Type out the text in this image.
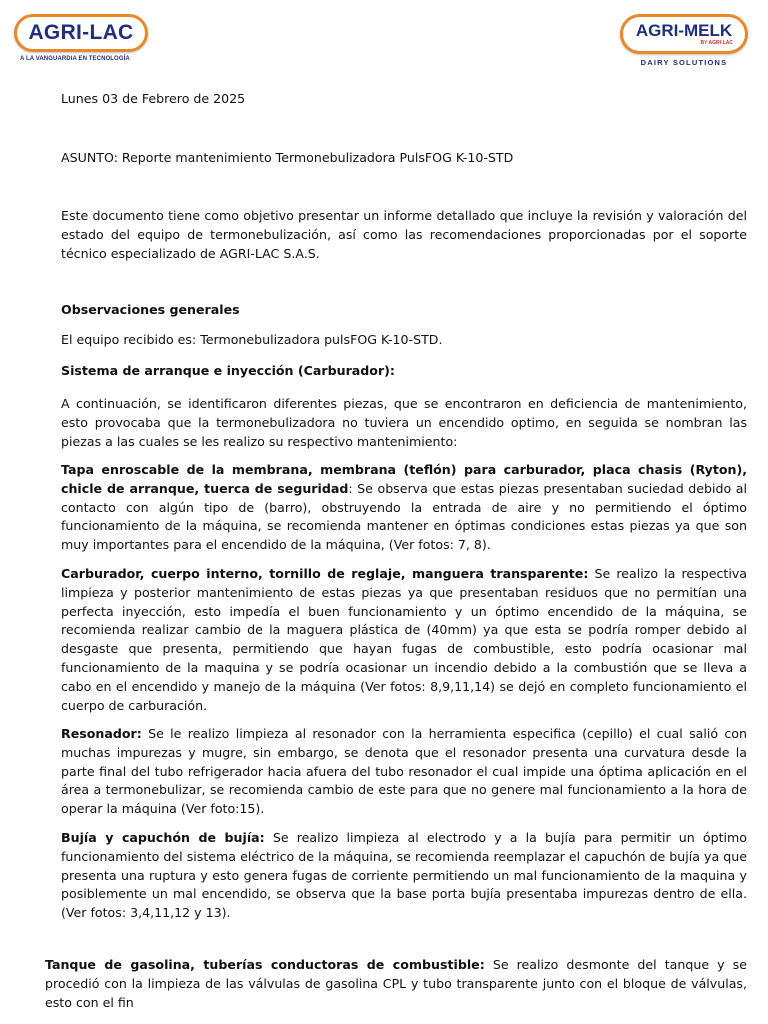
AGRI-LAC
A LA VANGUARDIA EN TECNOLOGÍA
AGRI-MELK
BY AGRI-LAC
DAIRY SOLUTIONS
Lunes 03 de Febrero de 2025
ASUNTO: Reporte mantenimiento Termonebulizadora PulsFOG K-10-STD
Este documento tiene como objetivo presentar un informe detallado que incluye la revisión y valoración del estado del equipo de termonebulización, así como las recomendaciones proporcionadas por el soporte técnico especializado de AGRI-LAC S.A.S.
Observaciones generales
El equipo recibido es: Termonebulizadora pulsFOG K-10-STD.
Sistema de arranque e inyección (Carburador):
A continuación, se identificaron diferentes piezas, que se encontraron en deficiencia de mantenimiento, esto provocaba que la termonebulizadora no tuviera un encendido optimo, en seguida se nombran las piezas a las cuales se les realizo su respectivo mantenimiento:
Tapa enroscable de la membrana, membrana (teflón) para carburador, placa chasis (Ryton), chicle de arranque, tuerca de seguridad: Se observa que estas piezas presentaban suciedad debido al contacto con algún tipo de (barro), obstruyendo la entrada de aire y no permitiendo el óptimo funcionamiento de la máquina, se recomienda mantener en óptimas condiciones estas piezas ya que son muy importantes para el encendido de la máquina, (Ver fotos: 7, 8).
Carburador, cuerpo interno, tornillo de reglaje, manguera transparente: Se realizo la respectiva limpieza y posterior mantenimiento de estas piezas ya que presentaban residuos que no permitían una perfecta inyección, esto impedía el buen funcionamiento y un óptimo encendido de la máquina, se recomienda realizar cambio de la maguera plástica de (40mm) ya que esta se podría romper debido al desgaste que presenta, permitiendo que hayan fugas de combustible, esto podría ocasionar mal funcionamiento de la maquina y se podría ocasionar un incendio debido a la combustión que se lleva a cabo en el encendido y manejo de la máquina (Ver fotos: 8,9,11,14) se dejó en completo funcionamiento el cuerpo de carburación.
Resonador: Se le realizo limpieza al resonador con la herramienta especifica (cepillo) el cual salió con muchas impurezas y mugre, sin embargo, se denota que el resonador presenta una curvatura desde la parte final del tubo refrigerador hacia afuera del tubo resonador el cual impide una óptima aplicación en el área a termonebulizar, se recomienda cambio de este para que no genere mal funcionamiento a la hora de operar la máquina (Ver foto:15).
Bujía y capuchón de bujía: Se realizo limpieza al electrodo y a la bujía para permitir un óptimo funcionamiento del sistema eléctrico de la máquina, se recomienda reemplazar el capuchón de bujía ya que presenta una ruptura y esto genera fugas de corriente permitiendo un mal funcionamiento de la maquina y posiblemente un mal encendido, se observa que la base porta bujía presentaba impurezas dentro de ella. (Ver fotos: 3,4,11,12 y 13).
Tanque de gasolina, tuberías conductoras de combustible: Se realizo desmonte del tanque y se procedió con la limpieza de las válvulas de gasolina CPL y tubo transparente junto con el bloque de válvulas, esto con el fin
